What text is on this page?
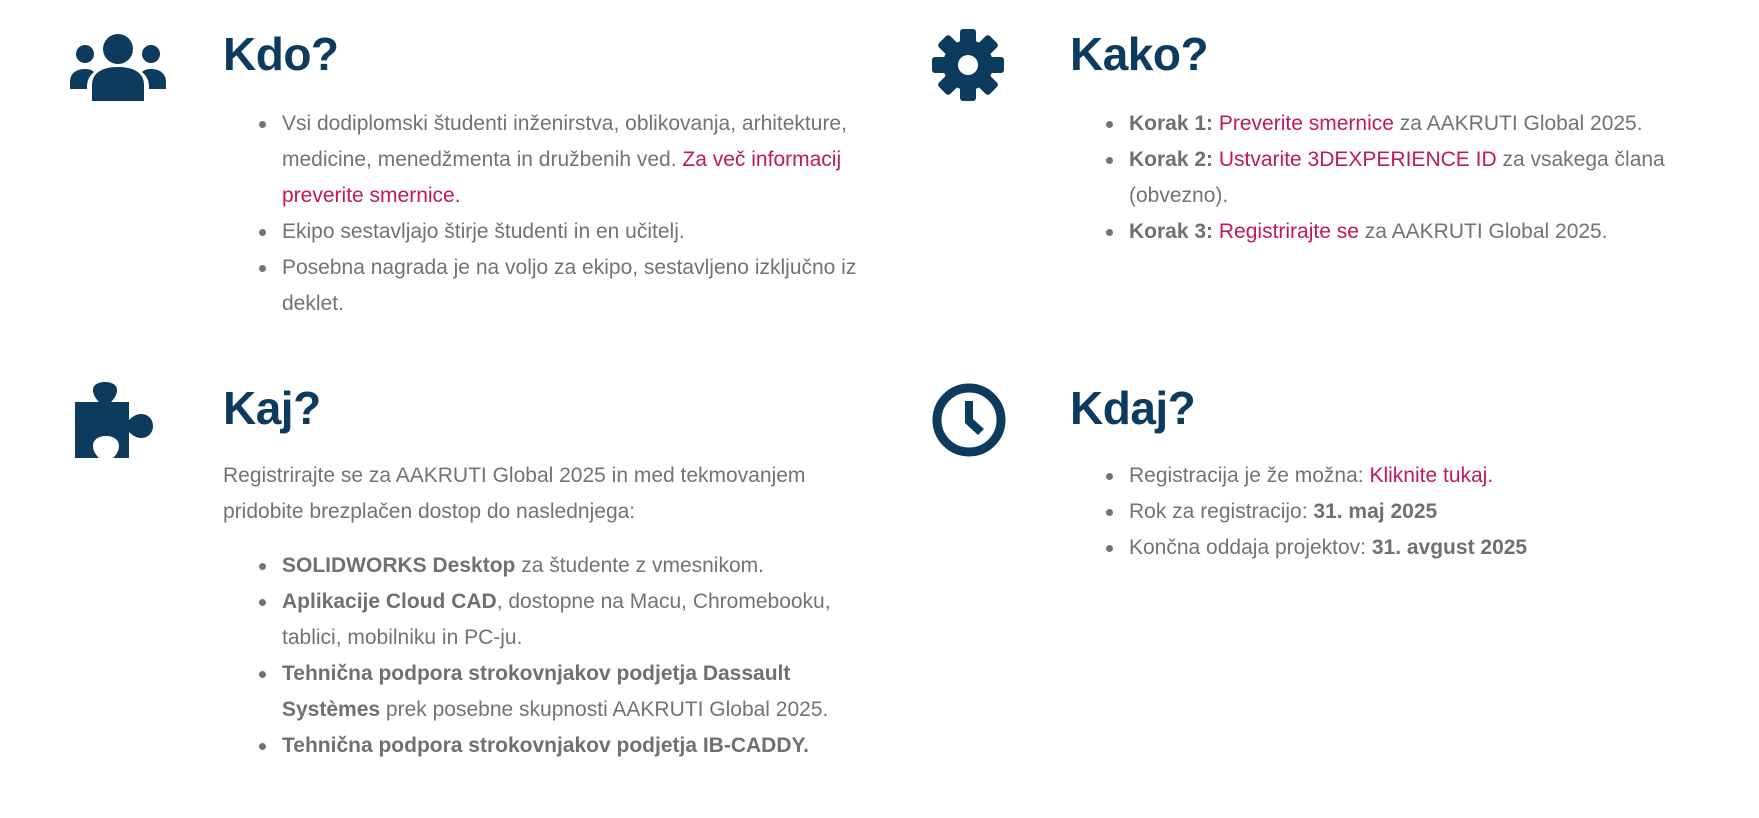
Kdo?
Vsi dodiplomski študenti inženirstva, oblikovanja, arhitekture, medicine, menedžmenta in družbenih ved. Za več informacij preverite smernice.
Ekipo sestavljajo štirje študenti in en učitelj.
Posebna nagrada je na voljo za ekipo, sestavljeno izključno iz deklet.
Kako?
Korak 1: Preverite smernice za AAKRUTI Global 2025.
Korak 2: Ustvarite 3DEXPERIENCE ID za vsakega člana (obvezno).
Korak 3: Registrirajte se za AAKRUTI Global 2025.
Kaj?

Registrirajte se za AAKRUTI Global 2025 in med tekmovanjem pridobite brezplačen dostop do naslednjega:

SOLIDWORKS Desktop za študente z vmesnikom.
Aplikacije Cloud CAD, dostopne na Macu, Chromebooku, tablici, mobilniku in PC-ju.
Tehnična podpora strokovnjakov podjetja Dassault Systèmes prek posebne skupnosti AAKRUTI Global 2025.
Tehnična podpora strokovnjakov podjetja IB-CADDY.
Kdaj?
Registracija je že možna: Kliknite tukaj.
Rok za registracijo: 31. maj 2025
Končna oddaja projektov: 31. avgust 2025
